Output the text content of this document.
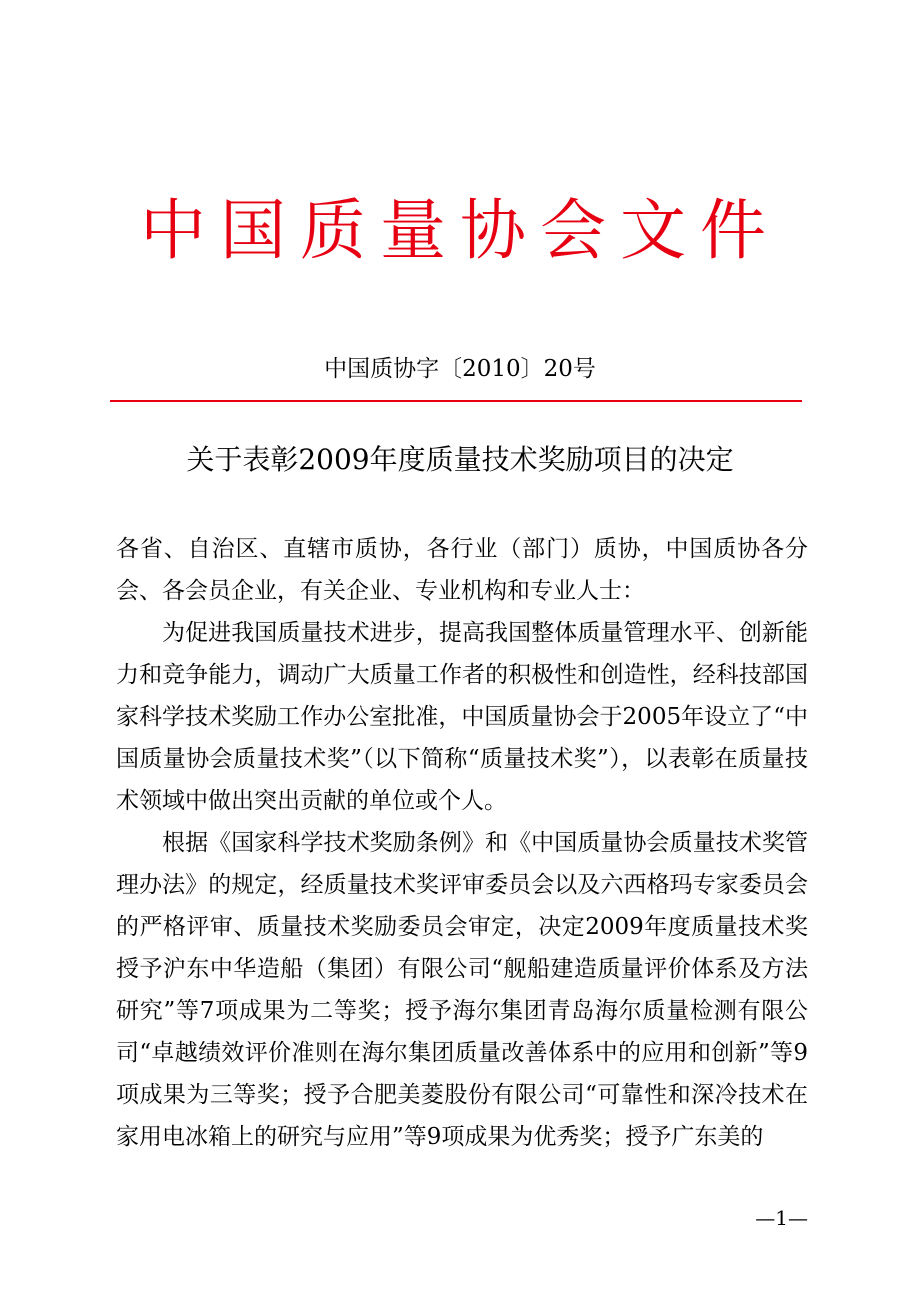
中国质量协会文件
中国质协字〔2010〕20号
关于表彰2009年度质量技术奖励项目的决定

各省、自治区、直辖市质协，各行业（部门）质协，中国质协各分会、各会员企业，有关企业、专业机构和专业人士：

为促进我国质量技术进步，提高我国整体质量管理水平、创新能力和竞争能力，调动广大质量工作者的积极性和创造性，经科技部国家科学技术奖励工作办公室批准，中国质量协会于2005年设立了“中国质量协会质量技术奖”（以下简称“质量技术奖”），以表彰在质量技术领域中做出突出贡献的单位或个人。

根据《国家科学技术奖励条例》和《中国质量协会质量技术奖管理办法》的规定，经质量技术奖评审委员会以及六西格玛专家委员会的严格评审、质量技术奖励委员会审定，决定2009年度质量技术奖授予沪东中华造船（集团）有限公司“舰船建造质量评价体系及方法研究”等7项成果为二等奖；授予海尔集团青岛海尔质量检测有限公司“卓越绩效评价准则在海尔集团质量改善体系中的应用和创新”等9项成果为三等奖；授予合肥美菱股份有限公司“可靠性和深冷技术在家用电冰箱上的研究与应用”等9项成果为优秀奖；授予广东美的

—1—
